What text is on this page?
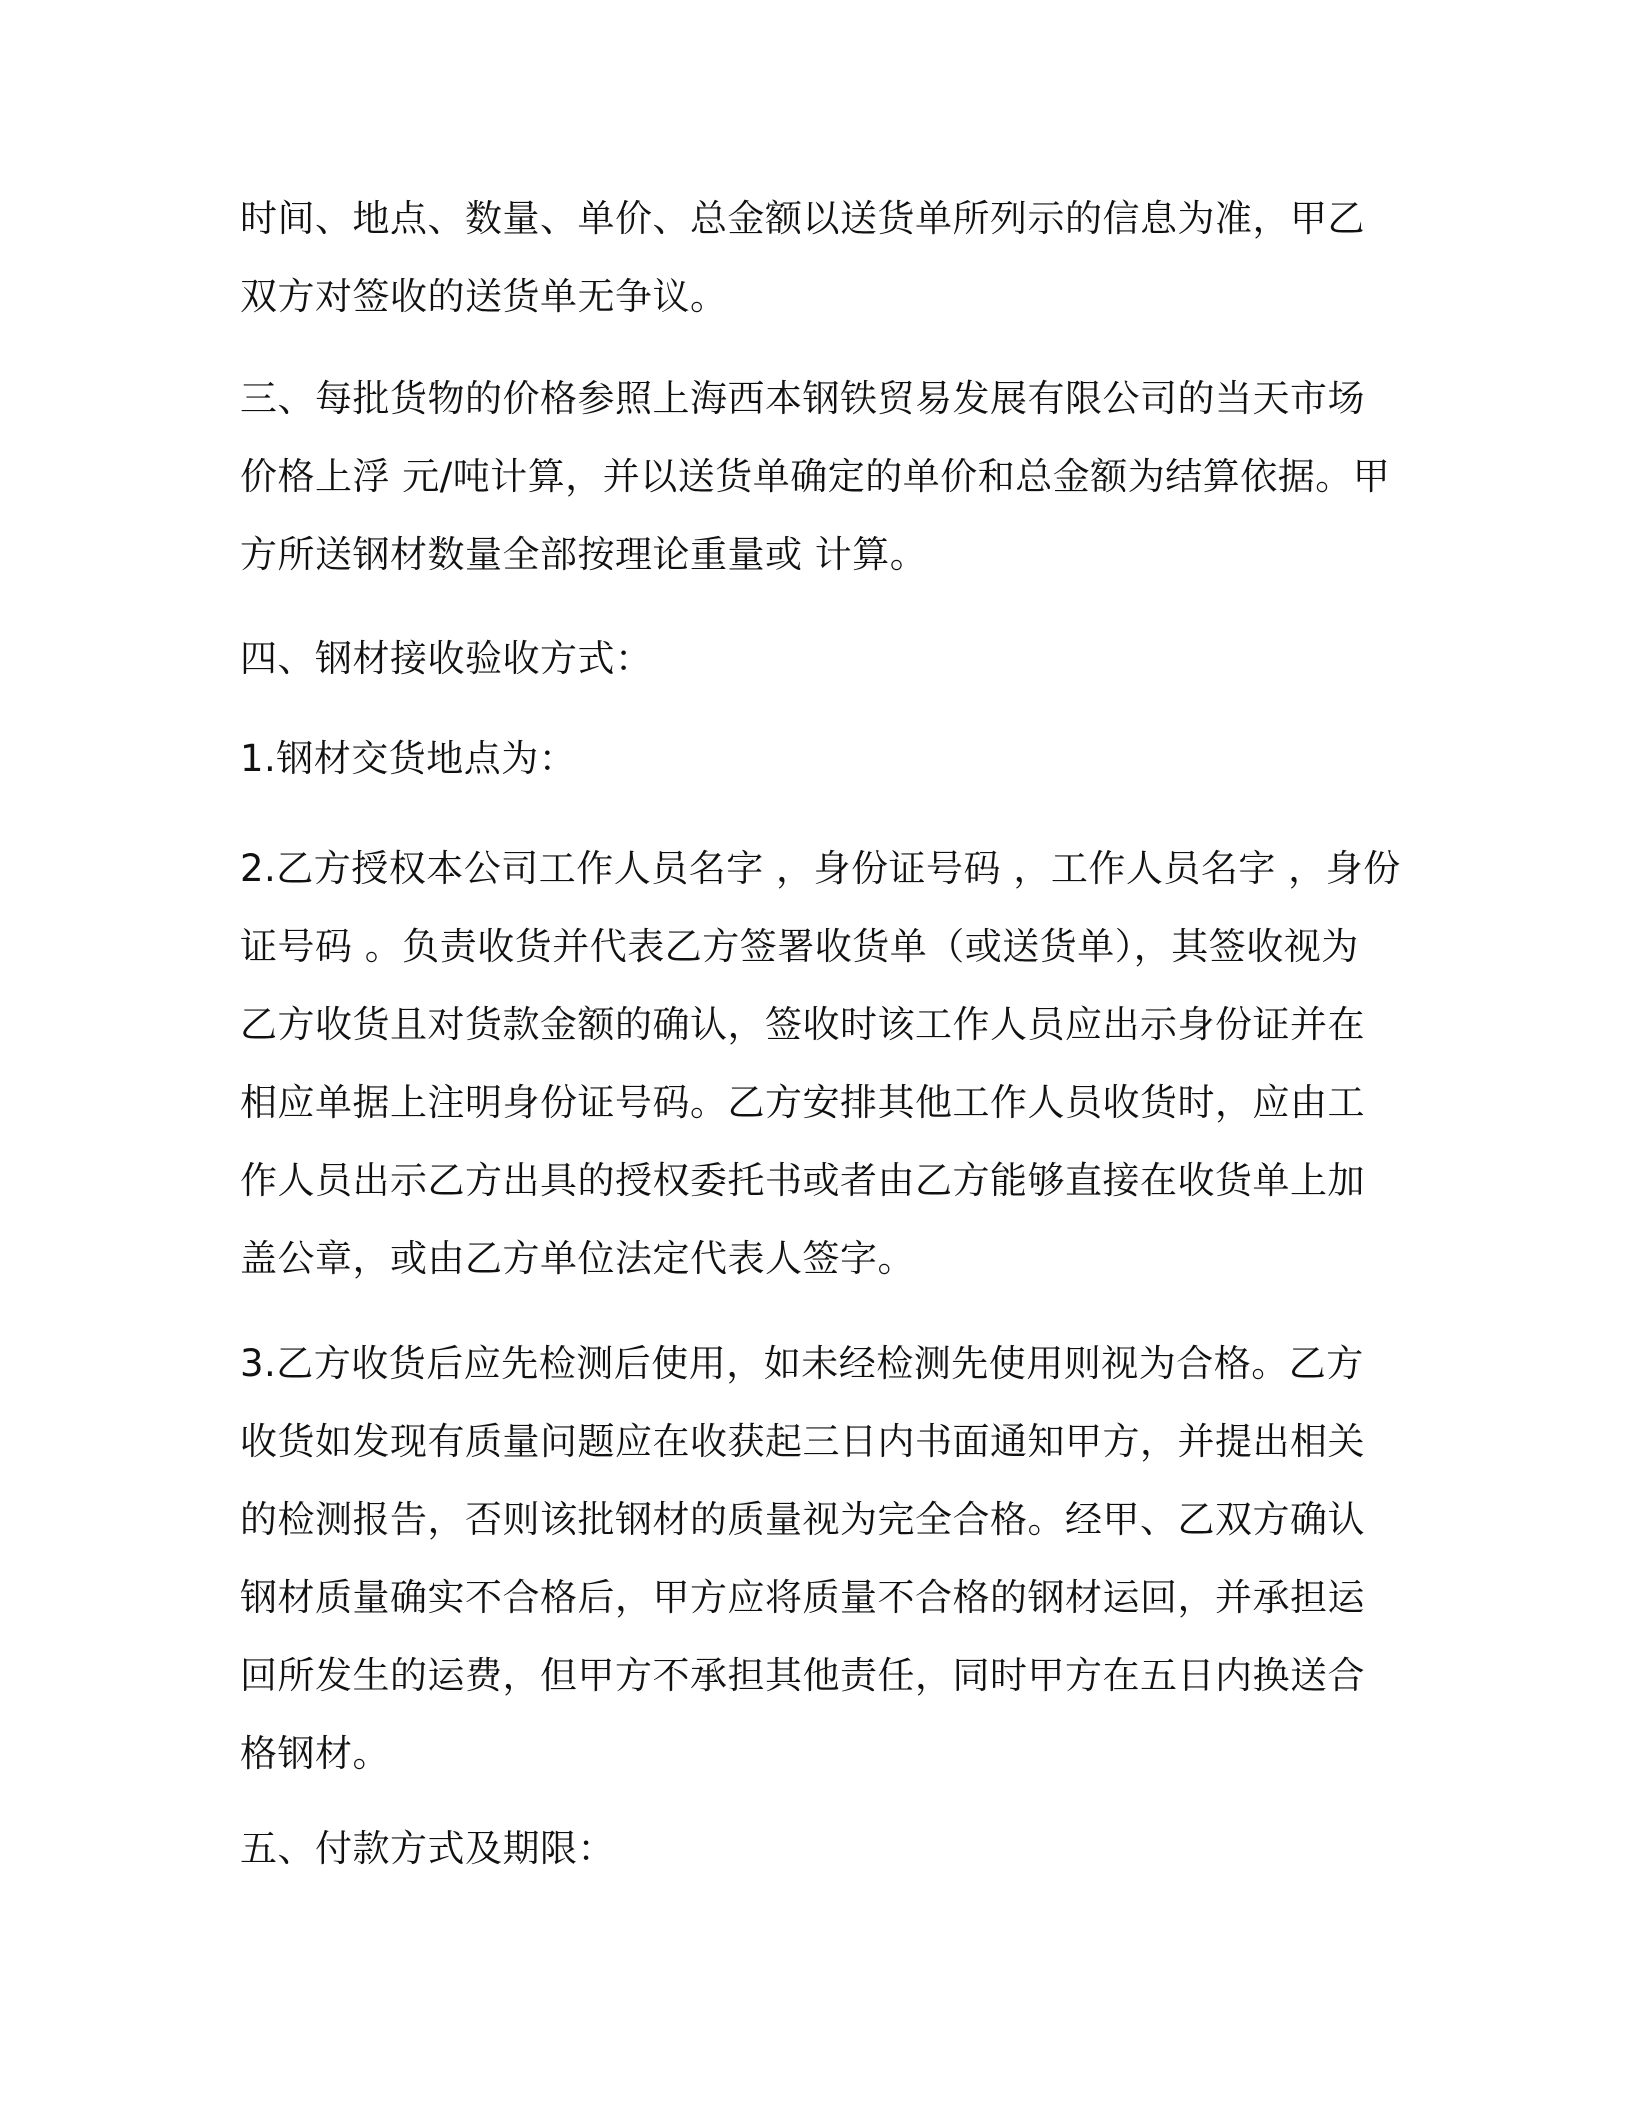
时间、地点、数量、单价、总金额以送货单所列示的信息为准，甲乙
双方对签收的送货单无争议。

三、每批货物的价格参照上海西本钢铁贸易发展有限公司的当天市场
价格上浮 元/吨计算，并以送货单确定的单价和总金额为结算依据。甲
方所送钢材数量全部按理论重量或 计算。

四、钢材接收验收方式：

1.钢材交货地点为：

2.乙方授权本公司工作人员名字 ，身份证号码 ，工作人员名字 ，身份
证号码 。负责收货并代表乙方签署收货单（或送货单），其签收视为
乙方收货且对货款金额的确认，签收时该工作人员应出示身份证并在
相应单据上注明身份证号码。乙方安排其他工作人员收货时，应由工
作人员出示乙方出具的授权委托书或者由乙方能够直接在收货单上加
盖公章，或由乙方单位法定代表人签字。

3.乙方收货后应先检测后使用，如未经检测先使用则视为合格。乙方
收货如发现有质量问题应在收获起三日内书面通知甲方，并提出相关
的检测报告，否则该批钢材的质量视为完全合格。经甲、乙双方确认
钢材质量确实不合格后，甲方应将质量不合格的钢材运回，并承担运
回所发生的运费，但甲方不承担其他责任，同时甲方在五日内换送合
格钢材。

五、付款方式及期限：
